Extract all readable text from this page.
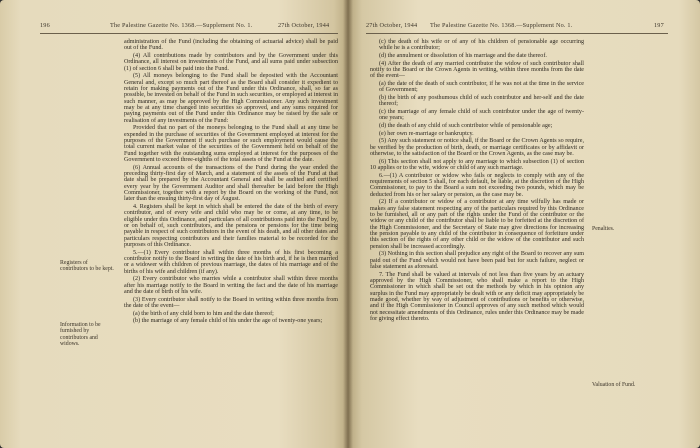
196	The Palestine Gazette No. 1368.—Supplement No. 1.	27th October, 1944

administration of the Fund (including the obtaining of actuarial advice) shall be paid out of the Fund.

(4) All contributions made by contributors and by the Government under this Ordinance, all interest on investments of the Fund, and all sums paid under subsection (1) of section 6 shall be paid into the Fund.

(5) All moneys belonging to the Fund shall be deposited with the Accountant General and, except so much part thereof as the Board shall consider it expedient to retain for making payments out of the Fund under this Ordinance, shall, so far as possible, be invested on behalf of the Fund in such securities, or employed at interest in such manner, as may be approved by the High Commissioner. Any such investment may be at any time changed into securities so approved, and any sums required for paying payments out of the Fund under this Ordinance may be raised by the sale or realisation of any investments of the Fund:

Provided that no part of the moneys belonging to the Fund shall at any time be expended in the purchase of securities of the Government employed at interest for the purposes of the Government if such purchase or such employment would cause the total current market value of the securities of the Government held on behalf of the Fund together with the outstanding sums employed at interest for the purposes of the Government to exceed three-eighths of the total assets of the Fund at the date.

(6) Annual accounts of the transactions of the Fund during the year ended the preceding thirty-first day of March, and a statement of the assets of the Fund at that date shall be prepared by the Accountant General and shall be audited and certified every year by the Government Auditor and shall thereafter be laid before the High Commissioner, together with a report by the Board on the working of the Fund, not later than the ensuing thirty-first day of August.

4. Registers shall be kept in which shall be entered the date of the birth of every contributor, and of every wife and child who may be or come, at any time, to be eligible under this Ordinance, and particulars of all contributions paid into the Fund by, or on behalf of, such contributors, and the pensions or pensions for the time being payable in respect of such contributors in the event of his death, and all other dates and particulars respecting contributors and their families material to be recorded for the purposes of this Ordinance.

5.—(1) Every contributor shall within three months of his first becoming a contributor notify to the Board in writing the date of his birth and, if he is then married or a widower with children of previous marriage, the dates of his marriage and of the births of his wife and children (if any).

(2) Every contributor who marries while a contributor shall within three months after his marriage notify to the Board in writing the fact and the date of his marriage and the date of birth of his wife.

(3) Every contributor shall notify to the Board in writing within three months from the date of the event—

(a) the birth of any child born to him and the date thereof;

(b) the marriage of any female child of his under the age of twenty-one years;

Registers of contributors to be kept.
Information to be furnished by contributors and widows.
27th October, 1944 The Palestine Gazette No. 1368.—Supplement No. 1.	197

(c) the death of his wife or of any of his children of pensionable age occurring while he is a contributor;

(d) the annulment or dissolution of his marriage and the date thereof.

(4) After the death of any married contributor the widow of such contributor shall notify to the Board or the Crown Agents in writing, within three months from the date of the event—

(a) the date of the death of such contributor, if he was not at the time in the service of Government;

(b) the birth of any posthumous child of such contributor and her-self and the date thereof;

(c) the marriage of any female child of such contributor under the age of twenty-one years;

(d) the death of any child of such contributor while of pensionable age;

(e) her own re-marriage or bankruptcy.

(5) Any such statement or notice shall, if the Board or the Crown Agents so require, be verified by the production of birth, death, or marriage certificates or by affidavit or otherwise, to the satisfaction of the Board or the Crown Agents, as the case may be.

(6) This section shall not apply to any marriage to which subsection (1) of section 10 applies or to the wife, widow or child of any such marriage.

6.—(1) A contributor or widow who fails or neglects to comply with any of the requirements of section 5 shall, for each default, be liable, at the discretion of the High Commissioner, to pay to the Board a sum not exceeding two pounds, which may be deducted from his or her salary or pension, as the case may be.

(2) If a contributor or widow of a contributor at any time wilfully has made or makes any false statement respecting any of the particulars required by this Ordinance to be furnished, all or any part of the rights under the Fund of the contributor or the widow or any child of the contributor shall be liable to be forfeited at the discretion of the High Commissioner, and the Secretary of State may give directions for increasing the pension payable to any child of the contributor in consequence of forfeiture under this section of the rights of any other child or the widow of the contributor and such pension shall be increased accordingly.

(3) Nothing in this section shall prejudice any right of the Board to recover any sum paid out of the Fund which would not have been paid but for such failure, neglect or false statement as aforesaid.

7. The Fund shall be valued at intervals of not less than five years by an actuary approved by the High Commissioner, who shall make a report to the High Commissioner in which shall be set out the methods by which in his opinion any surplus in the Fund may appropriately be dealt with or any deficit may appropriately be made good, whether by way of adjustment of contributions or benefits or otherwise, and if the High Commissioner in Council approves of any such method which would not necessitate amendments of this Ordinance, rules under this Ordinance may be made for giving effect thereto.

Penalties.
Valuation of Fund.
